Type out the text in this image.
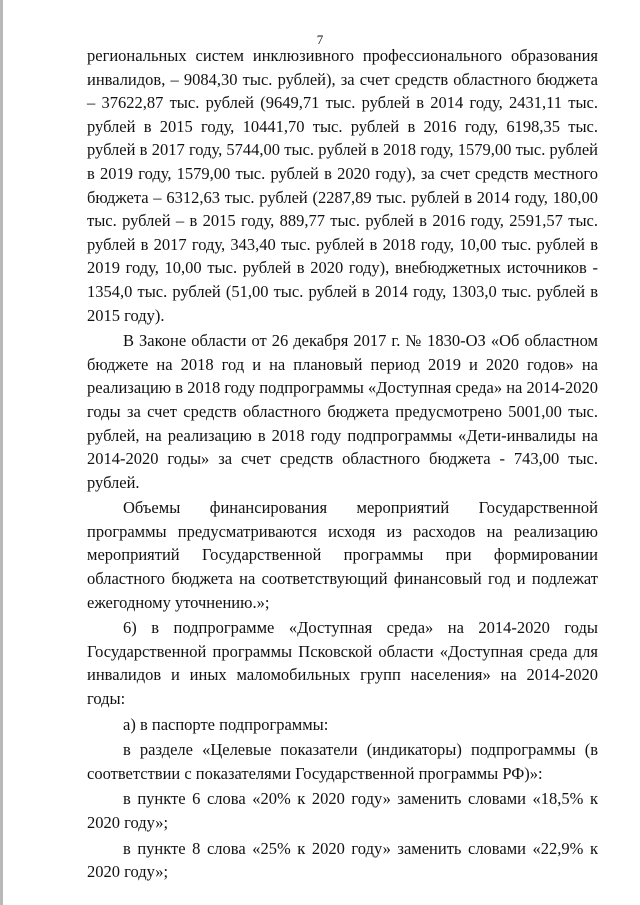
7

региональных систем инклюзивного профессионального образования инвалидов, – 9084,30 тыс. рублей), за счет средств областного бюджета – 37622,87 тыс. рублей (9649,71 тыс. рублей в 2014 году, 2431,11 тыс. рублей в 2015 году, 10441,70 тыс. рублей в 2016 году, 6198,35 тыс. рублей в 2017 году, 5744,00 тыс. рублей в 2018 году, 1579,00 тыс. рублей в 2019 году, 1579,00 тыс. рублей в 2020 году), за счет средств местного бюджета – 6312,63 тыс. рублей (2287,89 тыс. рублей в 2014 году, 180,00 тыс. рублей – в 2015 году, 889,77 тыс. рублей в 2016 году, 2591,57 тыс. рублей в 2017 году, 343,40 тыс. рублей в 2018 году, 10,00 тыс. рублей в 2019 году, 10,00 тыс. рублей в 2020 году), внебюджетных источников - 1354,0 тыс. рублей (51,00 тыс. рублей в 2014 году, 1303,0 тыс. рублей в 2015 году).

В Законе области от 26 декабря 2017 г. № 1830-ОЗ «Об областном бюджете на 2018 год и на плановый период 2019 и 2020 годов» на реализацию в 2018 году подпрограммы «Доступная среда» на 2014-2020 годы за счет средств областного бюджета предусмотрено 5001,00 тыс. рублей, на реализацию в 2018 году подпрограммы «Дети-инвалиды на 2014-2020 годы» за счет средств областного бюджета - 743,00 тыс. рублей.

Объемы финансирования мероприятий Государственной программы предусматриваются исходя из расходов на реализацию мероприятий Государственной программы при формировании областного бюджета на соответствующий финансовый год и подлежат ежегодному уточнению.»;

6) в подпрограмме «Доступная среда» на 2014-2020 годы Государственной программы Псковской области «Доступная среда для инвалидов и иных маломобильных групп населения» на 2014-2020 годы:

а) в паспорте подпрограммы:

в разделе «Целевые показатели (индикаторы) подпрограммы (в соответствии с показателями Государственной программы РФ)»:

в пункте 6 слова «20% к 2020 году» заменить словами «18,5% к 2020 году»;

в пункте 8 слова «25% к 2020 году» заменить словами «22,9% к 2020 году»;
